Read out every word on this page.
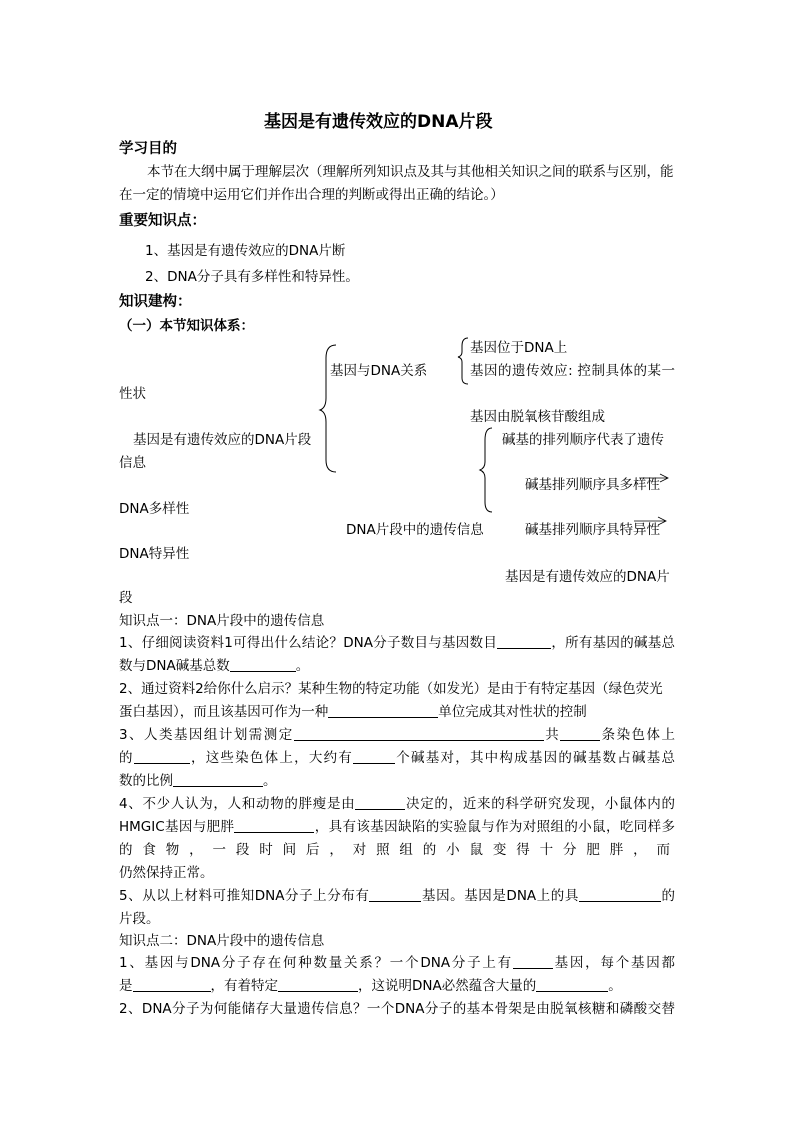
基因是有遗传效应的DNA片段
学习目的
本节在大纲中属于理解层次（理解所列知识点及其与其他相关知识之间的联系与区别，能在一定的情境中运用它们并作出合理的判断或得出正确的结论。）
重要知识点：
1、基因是有遗传效应的DNA片断
2、DNA分子具有多样性和特异性。
知识建构：
（一）本节知识体系：
基因与DNA关系
基因位于DNA上
基因的遗传效应: 控制具体的某一
性状
基因由脱氧核苷酸组成
基因是有遗传效应的DNA片段	碱基的排列顺序代表了遗传
信息
碱基排列顺序具多样性
DNA多样性
DNA片段中的遗传信息	碱基排列顺序具特异性
DNA特异性
基因是有遗传效应的DNA片
段
知识点一：DNA片段中的遗传信息
1、仔细阅读资料1可得出什么结论？DNA分子数目与基因数目	，所有基因的碱基总
数与DNA碱基总数	。
2、通过资料2给你什么启示？某种生物的特定功能（如发光）是由于有特定基因（绿色荧光蛋白基因），而且该基因可作为一种	单位完成其对性状的控制
3、人类基因组计划需测定	共	条染色体上
的	，这些染色体上，大约有	个碱基对，其中构成基因的碱基数占碱基总
数的比例	。
4、不少人认为，人和动物的胖瘦是由	决定的，近来的科学研究发现，小鼠体内的
HMGIC基因与肥胖	，具有该基因缺陷的实验鼠与作为对照组的小鼠，吃同样多
的食物，一段时间后，对照组的小鼠变得十分肥胖，而
仍然保持正常。
5、从以上材料可推知DNA分子上分布有	基因。基因是DNA上的具	的
片段。
知识点二：DNA片段中的遗传信息
1、基因与DNA分子存在何种数量关系？一个DNA分子上有	基因，每个基因都
是	，有着特定	，这说明DNA必然蕴含大量的	。
2、DNA分子为何能储存大量遗传信息？一个DNA分子的基本骨架是由脱氧核糖和磷酸交替
